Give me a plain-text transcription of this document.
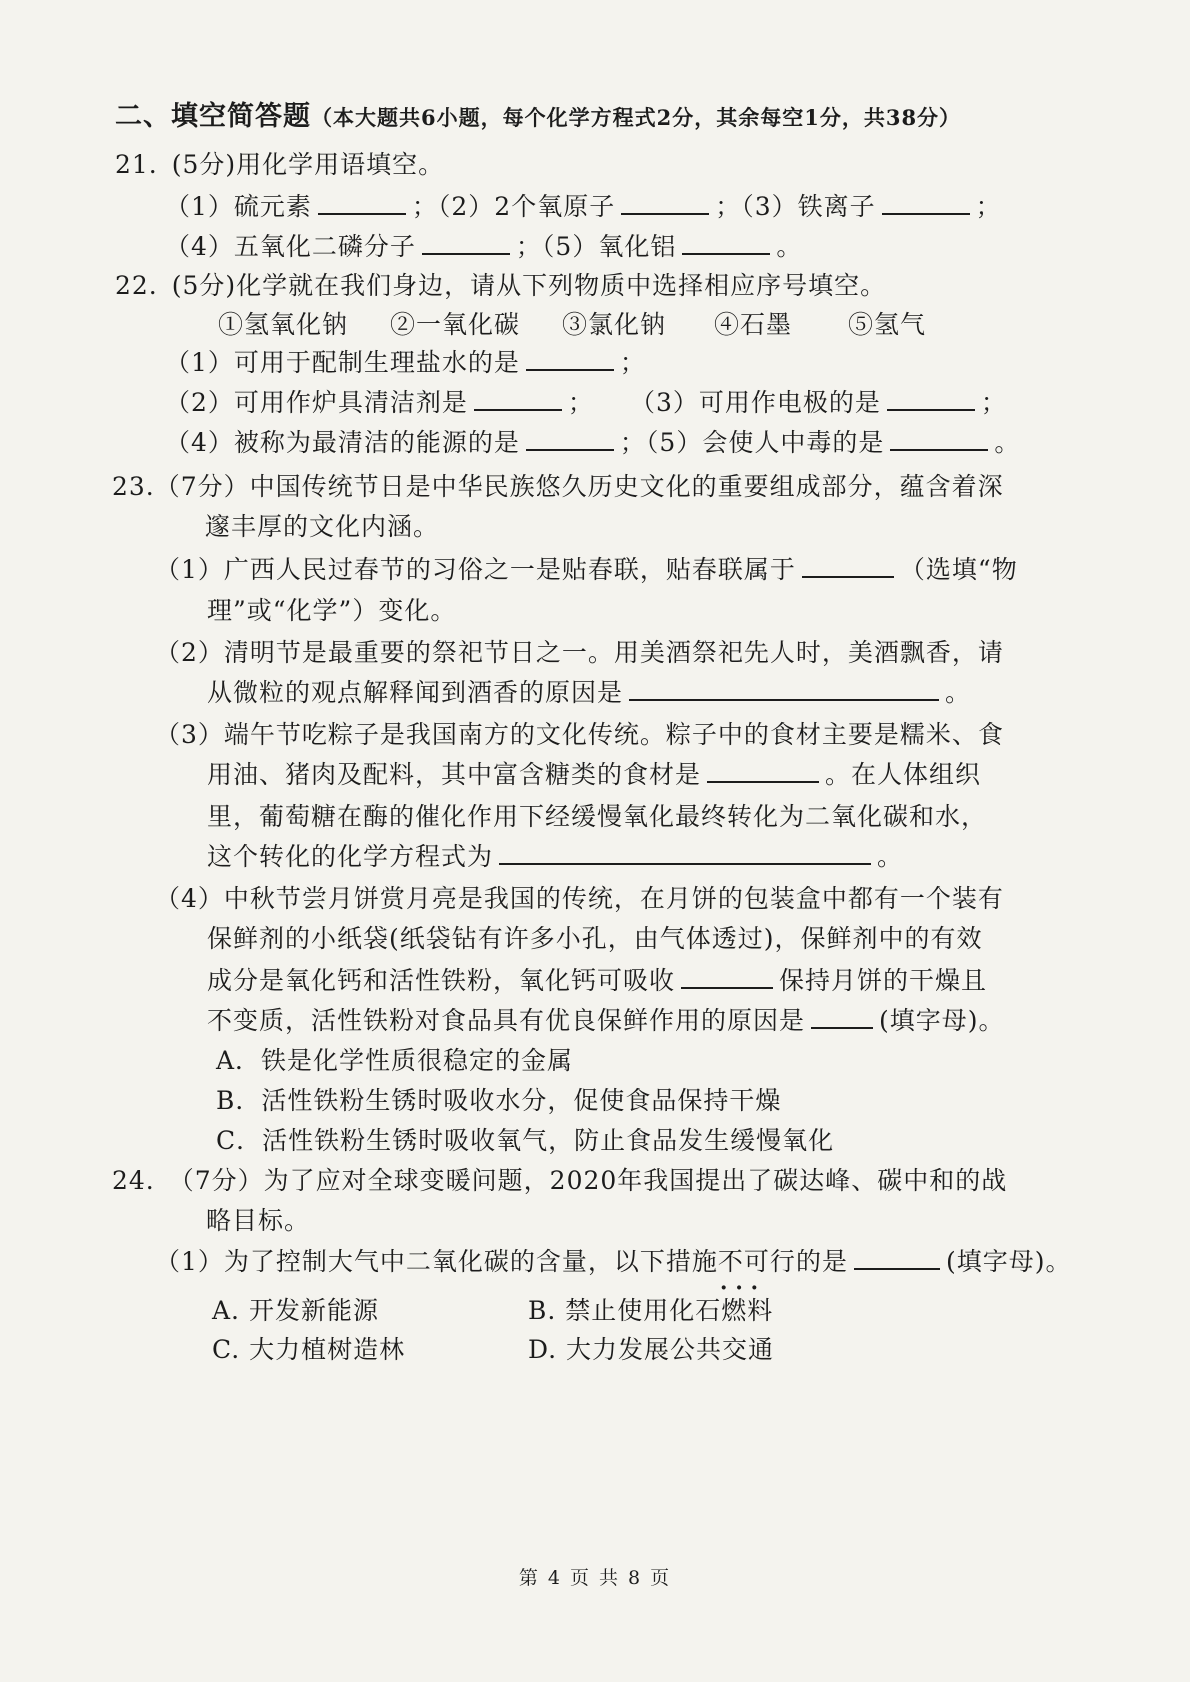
二、填空简答题（本大题共6小题，每个化学方程式2分，其余每空1分，共38分）
21. (5分)用化学用语填空。
（1）硫元素	；（2）2个氧原子	；（3）铁离子	；
（4）五氧化二磷分子	；（5）氧化铝	。
22. (5分)化学就在我们身边，请从下列物质中选择相应序号填空。
①氢氧化钠 ②一氧化碳 ③氯化钠 ④石墨 ⑤氢气
（1）可用于配制生理盐水的是	；
（2）可用作炉具清洁剂是	； （3）可用作电极的是	；
（4）被称为最清洁的能源的是	；（5）会使人中毒的是	。
23.（7分）中国传统节日是中华民族悠久历史文化的重要组成部分，蕴含着深
邃丰厚的文化内涵。
（1）广西人民过春节的习俗之一是贴春联，贴春联属于	（选填“物
理”或“化学”）变化。
（2）清明节是最重要的祭祀节日之一。用美酒祭祀先人时，美酒飘香，请
从微粒的观点解释闻到酒香的原因是	。
（3）端午节吃粽子是我国南方的文化传统。粽子中的食材主要是糯米、食
用油、猪肉及配料，其中富含糖类的食材是	。在人体组织
里，葡萄糖在酶的催化作用下经缓慢氧化最终转化为二氧化碳和水，
这个转化的化学方程式为	。
（4）中秋节尝月饼赏月亮是我国的传统，在月饼的包装盒中都有一个装有
保鲜剂的小纸袋(纸袋钻有许多小孔，由气体透过)，保鲜剂中的有效
成分是氧化钙和活性铁粉，氧化钙可吸收	保持月饼的干燥且
不变质，活性铁粉对食品具有优良保鲜作用的原因是	(填字母)。
A．铁是化学性质很稳定的金属
B．活性铁粉生锈时吸收水分，促使食品保持干燥
C．活性铁粉生锈时吸收氧气，防止食品发生缓慢氧化
24. （7分）为了应对全球变暖问题，2020年我国提出了碳达峰、碳中和的战
略目标。
（1）为了控制大气中二氧化碳的含量，以下措施不可行 · · ·的是	(填字母)。
A. 开发新能源	B. 禁止使用化石燃料
C. 大力植树造林	D. 大力发展公共交通
第 4 页 共 8 页
